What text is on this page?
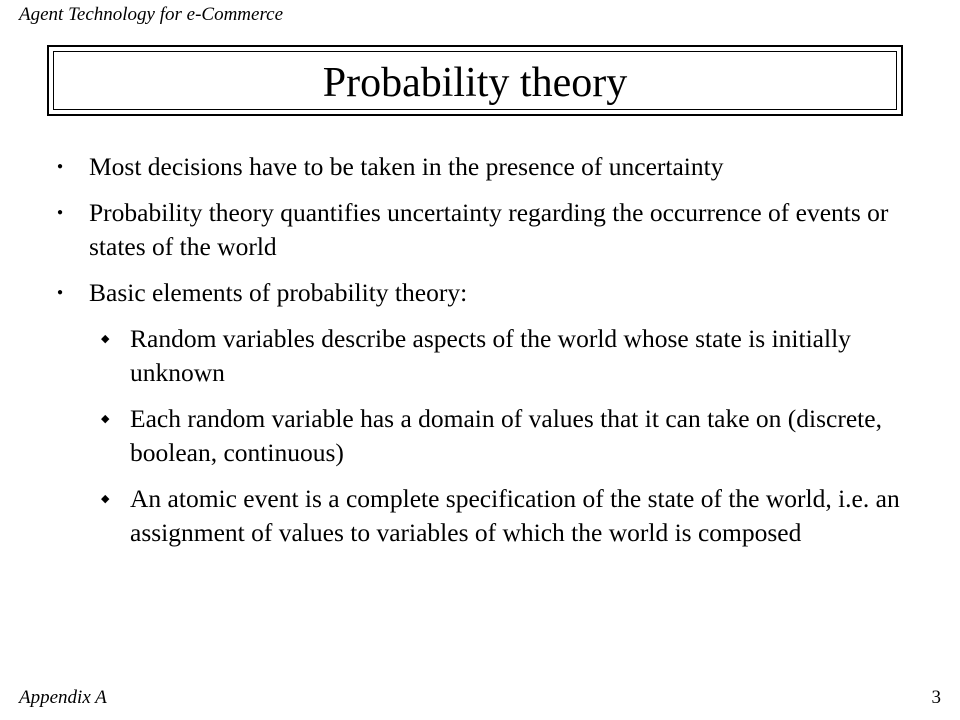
Agent Technology for e-Commerce
Probability theory
● Most decisions have to be taken in the presence of uncertainty
● Probability theory quantifies uncertainty regarding the occurrence of events or states of the world
● Basic elements of probability theory:
◆ Random variables describe aspects of the world whose state is initially unknown
◆ Each random variable has a domain of values that it can take on (discrete, boolean, continuous)
◆ An atomic event is a complete specification of the state of the world, i.e. an assignment of values to variables of which the world is composed
Appendix A	3
